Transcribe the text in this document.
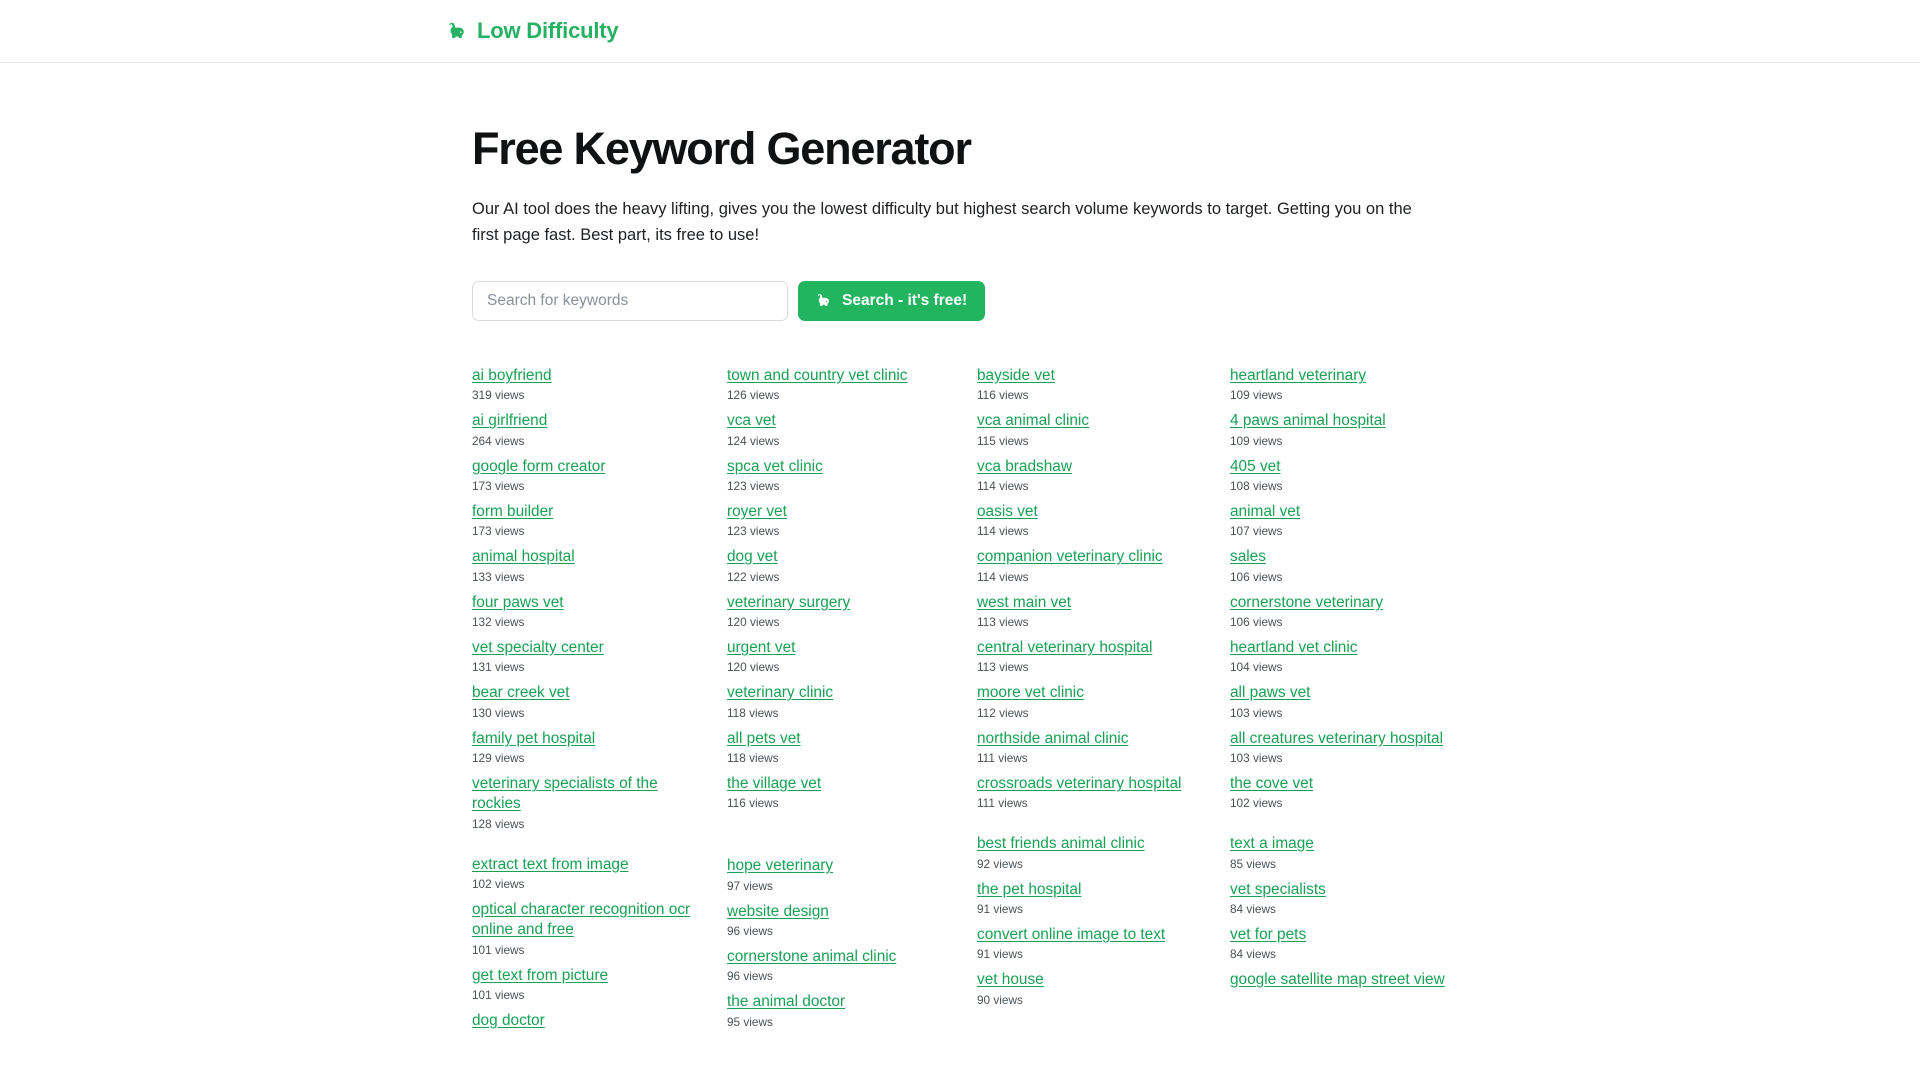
Low Difficulty
Free Keyword Generator

Our AI tool does the heavy lifting, gives you the lowest difficulty but highest search volume keywords to target. Getting you on the first page fast. Best part, its free to use!

Search for keywords
Search - it's free!
ai boyfriend
319 views
ai girlfriend
264 views
google form creator
173 views
form builder
173 views
animal hospital
133 views
four paws vet
132 views
vet specialty center
131 views
bear creek vet
130 views
family pet hospital
129 views
veterinary specialists of the rockies
128 views
extract text from image
102 views
optical character recognition ocr online and free
101 views
get text from picture
101 views
dog doctor
town and country vet clinic
126 views
vca vet
124 views
spca vet clinic
123 views
royer vet
123 views
dog vet
122 views
veterinary surgery
120 views
urgent vet
120 views
veterinary clinic
118 views
all pets vet
118 views
the village vet
116 views
hope veterinary
97 views
website design
96 views
cornerstone animal clinic
96 views
the animal doctor
95 views
bayside vet
116 views
vca animal clinic
115 views
vca bradshaw
114 views
oasis vet
114 views
companion veterinary clinic
114 views
west main vet
113 views
central veterinary hospital
113 views
moore vet clinic
112 views
northside animal clinic
111 views
crossroads veterinary hospital
111 views
best friends animal clinic
92 views
the pet hospital
91 views
convert online image to text
91 views
vet house
90 views
heartland veterinary
109 views
4 paws animal hospital
109 views
405 vet
108 views
animal vet
107 views
sales
106 views
cornerstone veterinary
106 views
heartland vet clinic
104 views
all paws vet
103 views
all creatures veterinary hospital
103 views
the cove vet
102 views
text a image
85 views
vet specialists
84 views
vet for pets
84 views
google satellite map street view
